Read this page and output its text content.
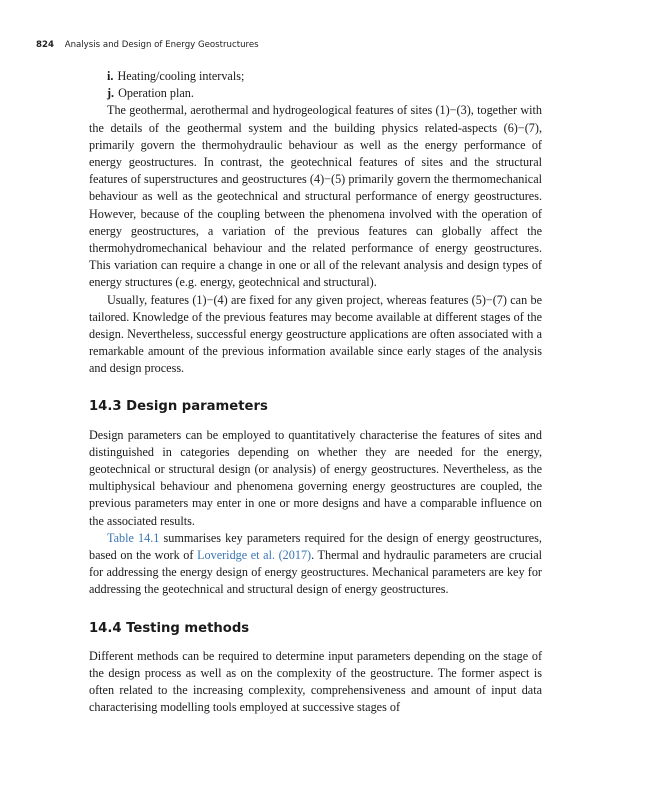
824 Analysis and Design of Energy Geostructures
i. Heating/cooling intervals;
j. Operation plan.

The geothermal, aerothermal and hydrogeological features of sites (1)−(3), together with the details of the geothermal system and the building physics related-aspects (6)−(7), primarily govern the thermohydraulic behaviour as well as the energy performance of energy geostructures. In contrast, the geotechnical features of sites and the structural features of superstructures and geostructures (4)−(5) primarily govern the thermomechanical behaviour as well as the geotechnical and structural performance of energy geostructures. However, because of the coupling between the phenomena involved with the operation of energy geostructures, a variation of the previous features can globally affect the thermohydromechanical behaviour and the related performance of energy geostructures. This variation can require a change in one or all of the relevant analysis and design types of energy structures (e.g. energy, geotechnical and structural).

Usually, features (1)−(4) are fixed for any given project, whereas features (5)−(7) can be tailored. Knowledge of the previous features may become available at different stages of the design. Nevertheless, successful energy geostructure applications are often associated with a remarkable amount of the previous information available since early stages of the analysis and design process.

14.3 Design parameters

Design parameters can be employed to quantitatively characterise the features of sites and distinguished in categories depending on whether they are needed for the energy, geotechnical or structural design (or analysis) of energy geostructures. Nevertheless, as the multiphysical behaviour and phenomena governing energy geostructures are coupled, the previous parameters may enter in one or more designs and have a comparable influence on the associated results.

Table 14.1 summarises key parameters required for the design of energy geostructures, based on the work of Loveridge et al. (2017). Thermal and hydraulic parameters are crucial for addressing the energy design of energy geostructures. Mechanical parameters are key for addressing the geotechnical and structural design of energy geostructures.

14.4 Testing methods

Different methods can be required to determine input parameters depending on the stage of the design process as well as on the complexity of the geostructure. The former aspect is often related to the increasing complexity, comprehensiveness and amount of input data characterising modelling tools employed at successive stages of
